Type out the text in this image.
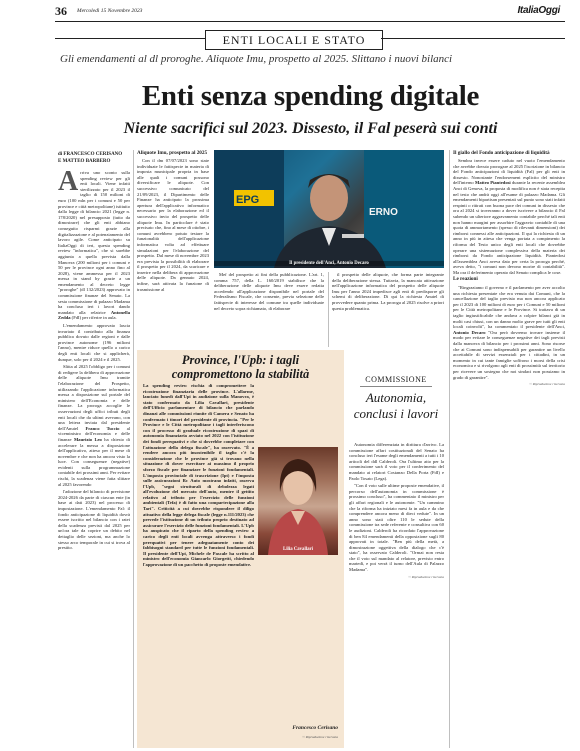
36 Mercoledì 15 Novembre 2023	ItaliaOggi
ENTI LOCALI E STATO
Gli emendamenti al dl proroghe. Aliquote Imu, prospetto al 2025. Slittano i nuovi bilanci
Enti senza spending digitale
Niente sacrifici sul 2023. Dissesto, il Fal peserà sui conti
di FRANCESCO CERISANO
E MATTEO BARBERO

Arriva uno sconto sulla spending review per gli enti locali. Viene infatti sterilizzato per il 2023 il taglio di 150 milioni di euro (100 mln per i comuni e 50 per province e città metropolitane) istituito dalla legge di bilancio 2021 (legge n. 178/2020) nel presupposto (tutto da dimostrare) che gli enti abbiano conseguito risparmi grazie alla digitalizzazione e al potenziamento del lavoro agile. Come anticipato su ItaliaOggi di ieri, questa spending review "informatica", che si sarebbe aggiunta a quella prevista dalla Manovra (200 milioni per i comuni e 50 per le province ogni anno fino al 2028), viene ammessa per il 2023 messa in stand by grazie a un emendamento al decreto legge "proroghe" (dl 132/2023) approvato in commissione finanze del Senato. La sesta commissione di palazzo Madama ha concluso ieri i lavori dando mandato alla relatrice Antonella Zedda (FdI) per riferire in aula.

L'emendamento approvato lascia invariato il contributo alla finanza pubblica dovuto dalle regioni e dalle province autonome (196 milioni l'anno), mentre riduce quello a carico degli enti locali che si applicherà, dunque, solo per il 2024 e il 2025.

Slitta al 2025 l'obbligo per i comuni di redigere la delibera di approvazione delle aliquote Imu tramite l'elaborazione del Prospetto, utilizzando l'applicazione informatica messa a disposizione sul portale del ministero dell'Economia e delle finanze. La proroga accoglie le osservazioni degli uffici tributi degli enti locali che da ultimi avevano, con una lettera inviata dal presidente dell'Anutel Franco Tuccio al viceministro dell'economia e delle finanze Maurizio Leo ha chiesto di accelerare la messa a disposizione dell'applicativo, atteso per il mese di novembre e che non ha ancora visto la luce. Con conseguenze (negative) evidenti sulla programmazione contabile dei prossimi anni. Per evitare rischi, la scadenza viene fatta slittare al 2025 favorendo

l'adozione del bilancio di previsione 2024-2026 da parte di ciascun ente (in base ai dati 2023) nel processo di impostazione. L'emendamento Fal: il fondo anticipazione di liquidità dovrà essere iscritto nel bilancio con i ratei della scadenza previsti dal 2025 per un'ora tale da coprire un debito nel dettaglio delle sezioni, ma anche lo stesso arco temporale in cui si trova al prestito.

Aliquote Imu, prospetto al 2025

Con il dm 07/07/2023 sono state individuate le fattispecie in materia di imposta municipale propria in base alle quali i comuni possono diversificare le aliquote. Con successivo comunicato del 21/09/2023, il Dipartimento delle Finanze ha anticipato la prossima apertura dell'applicativo informatico necessario per la elaborazione ed il successivo invio del prospetto delle aliquote Imu. In particolare è stato precisato che, fino al mese di ottobre, i comuni avrebbero potuto testare la funzionalità dell'applicazione informatica volta ad effettuare simulazioni per l'elaborazione del prospetto. Dal mese di novembre 2023 era prevista la possibilità di elaborare il prospetto per il 2024, da scaricare e inserire nella delibera di approvazione delle aliquote. Da gennaio 2024, infine, sarà attivata la funzione di trasmissione al

EPG
ERNO
Il presidente dell'Anci, Antonio Decaro

Mef del prospetto ai fini della pubblicazione. L'art. 1, comma 757, della L. 160/2019 stabilisce che la deliberazione delle aliquote Imu deve essere redatta accedendo all'applicazione disponibile nel portale del Federalismo Fiscale, che consente, previa selezione delle fattispecie di interesse del comune tra quelle individuate nel decreto sopra richiamato, di elaborare

il prospetto delle aliquote, che forma parte integrante della deliberazione stessa. Tuttavia, la mancata attivazione nell'applicazione informatica del prospetto delle aliquote Imu per l'anno 2024 impedisce agli enti di predisporre gli schemi di deliberazione. Di qui la richiesta Anutel di provvedere quanto prima. La proroga al 2025 risolve a priori questa problematica.

Province, l'Upb: i tagli compromettono la stabilità
Lilia Cavallari

La spending review rischia di compromettere la ricostruzione finanziaria delle province. L'allarme, lanciato lunedì dall'Upi in audizione sulla Manovra, è stato confermato da Lilia Cavallari, presidente dell'Ufficio parlamentare di bilancio che parlando dinanzi alle commissioni riunite di Camera e Senato ha confermato i timori del presidente di provincia. "Per le Province e le Città metropolitane i tagli interferiscono con il processo di graduale ricostruzione di spazi di autonomia finanziaria avviato nel 2022 con l'istituzione dei fondi perequativi e che si dovrebbe completare con l'attuazione della delega fiscale", ha osservato. "È a rendere ancora più insostenibile il taglio c'è la considerazione che le province già si trovano nella situazione di dover esercitare ai massimo il proprio sforzo fiscale per finanziare le funzioni fondamentali. L'imposta provinciale di trascrizione (Ipt) e l'imposta sulle assicurazioni Rc Auto mostrano infatti, osserva l'Upb, "segni strutturali di debolezza legati all'evoluzione del mercato dell'auto, mentre il gettito relativo al tributo per l'esercizio delle funzioni ambientali (Tefa) è di fatto una compartecipazione alla Tari". Criticità a cui dovrebbe rispondere il diligo attuativo della legge delega fiscale (legge n.111/2023) che prevede l'istituzione di un tributo proprio destinato ad assicurare l'esercizio delle funzioni fondamentali. L'Upb ha auspicato che il riparto della spending review a carico degli enti locali avvenga attraverso i fondi perequativi per tenere adeguatamente conto dei fabbisogni standard per tutte le funzioni fondamentali. Il presidente dell'Upi, Michele de Pascale ha scritto al ministro dell'economia Giancarlo Giorgetti, chiedendo l'approvazione di un pacchetto di proposte emendative.

Francesco Cerisano
© Riproduzione riservata
COMMISSIONE
Autonomia, conclusi i lavori

Autonomia differenziata in dirittura d'arrivo. La commissione affari costituzionali del Senato ha concluso ieri l'esame degli emendamenti a tutti i 10 articoli del ddl Calderoli. Ora l'ultimo atto per la commissione sarà il voto per il conferimento del mandato ai relatori Costanzo Della Porta (FdI) e Paolo Tosato (Lega).

"Con il voto sulle ultime proposte emendative, il percorso dell'autonomia in commissione è prossimo concluso", ha commentato il ministro per gli affari regionali e le autonomie. "Un cammino che la riforma ha iniziato mesi fa in aula e da che comprendere ancora meno di dieci vedute". In un anno sono stati oltre 110 le sedute della commissione tra sede referente e consultiva con 60 le audizioni. Calderoli ha ricordato l'approvazione di ben 84 emendamenti della opposizione sugli 80 approvati in totale. "Ben più della metà, a dimostrazione oggettiva della dialogo che c'è stato", ha osservato Calderoli. "Ormai non resta che il voto sul mandato al relatore, previsto entro martedì, e poi verrà il turno dell'Aula di Palazzo Madama".

© Riproduzione riservata

Il giallo del Fondo anticipazione di liquidità

Sembra invece essere caduto nel vuoto l'emendamento che avrebbe dovuto prorogare al 2025 l'iscrizione in bilancio del Fondo anticipazioni di liquidità (Fal) per gli enti in dissesto. Nonostante l'endorsement esplicito del ministro dell'interno Matteo Piantedosi durante la recente assemblea Anci di Genova, la proposta di modifica non è stata recepita nel testo che andrà oggi all'esame di palazzo Madama. Gli emendamenti bipartisan presentati sul punto sono stati infatti respinti o ritirati con buona pace dei comuni in dissesto che ora al 2024 si troveranno a dover iscrivere a bilancio il Fal subendo un ulteriore aggravamento contabile perché tali enti non hanno margini per assorbire l'aggravio contabile di una quota di ammortamento (spesso di rilevanti dimensioni) dei rimborsi connessi alle anticipazioni. Il qui la richiesta di un anno in più in attesa che venga portata a compimento la riforma del Testo unico degli enti locali che dovrebbe operare una sistemazione complessiva della materia dei rimborsi da Fondo anticipazione liquidità. Piantedosi all'assemblea Anci aveva dato per certa la proroga perché, aveva detto, "i comuni non devono morire di contabilità". Ma ora il deferimento operato dal Senato complica le cose.

Le reazioni

"Ringraziamo il governo e il parlamento per aver accolto una richiesta presentate che era venuta dai Comuni, che la cancellazione del taglio previsto ma non ancora applicato per il 2023 di 100 milioni di euro per i Comuni e 50 milioni per le Città metropolitane e le Province. Si trattava di un taglio ingiustificabile che andava a colpire bilanci già in molti casi chiusi, con un danno molto grave per tutti gli enti locali coinvolti", ha commentato il presidente dell'Anci, Antonio Decaro "Ora però dovremo trovare insieme il modo per evitare le conseguenze negative dei tagli previsti dalla manovra di bilancio per i prossimi anni. Sono risorse che ai Comuni sono indispensabili per garantire un livello accettabile di servizi essenziali per i cittadini, in un momento in cui tante famiglie soffrono i morsi della crisi economica e si rivolgono agli enti di prossimità sul territorio per ricevere un sostegno che noi sindaci non possiamo in grado di garantire".

© Riproduzione riservata
